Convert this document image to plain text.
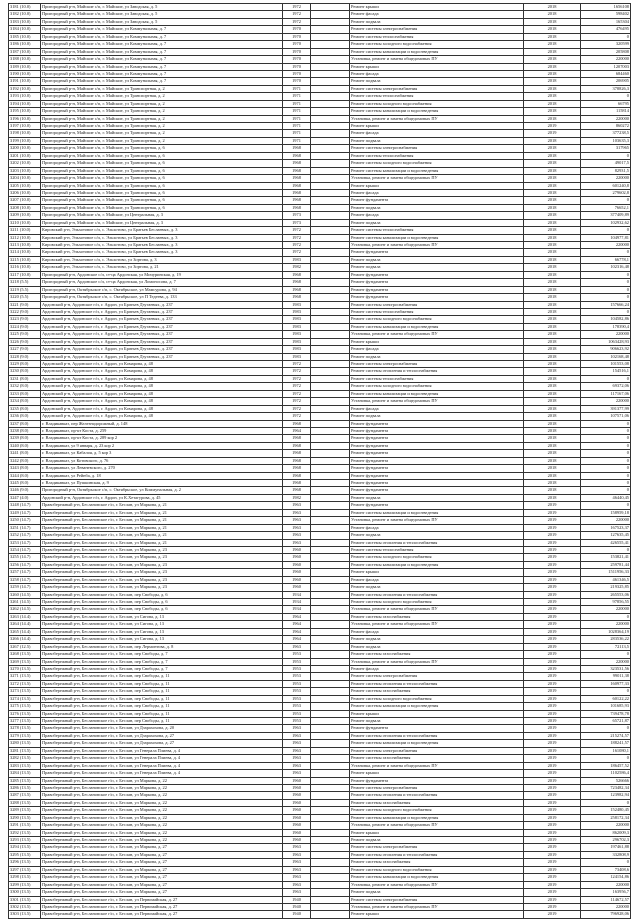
3181 (10.0)	Пригородный р-н, Майские с/п, г. Майские, ул Заводская, д. 5	1972		Ремонт крыши	2018	1656108
3182 (10.0)	Пригородный р-н, Майские с/п, г. Майские, ул Заводская, д. 5	1972		Ремонт фасада	2018	598402
3183 (10.0)	Пригородный р-н, Майские с/п, г. Майские, ул Заводская, д. 5	1972		Ремонт подвала	2018	165304
3184 (10.0)	Пригородный р-н, Майские с/п, г. Майские, ул Коммунальная, д. 7	1970		Ремонт системы электроснабжения	2018	476495
3185 (10.0)	Пригородный р-н, Майские с/п, г. Майские, ул Коммунальная, д. 7	1970		Ремонт системы теплоснабжения	2018	0
3186 (10.0)	Пригородный р-н, Майские с/п, г. Майские, ул Коммунальная, д. 7	1970		Ремонт системы холодного водоснабжения	2018	320599
3187 (10.0)	Пригородный р-н, Майские с/п, г. Майские, ул Коммунальная, д. 7	1970		Ремонт системы канализации и водоотведения	2018	205808
3188 (10.0)	Пригородный р-н, Майские с/п, г. Майские, ул Коммунальная, д. 7	1970		Установка, ремонт и замена общедомовых ПУ	2018	220000
3189 (10.0)	Пригородный р-н, Майские с/п, г. Майские, ул Коммунальная, д. 7	1970		Ремонт крыши	2018	1207003
3190 (10.0)	Пригородный р-н, Майские с/п, г. Майские, ул Коммунальная, д. 7	1970		Ремонт фасада	2018	684460
3191 (10.0)	Пригородный р-н, Майские с/п, г. Майские, ул Коммунальная, д. 7	1970		Ремонт подвала	2018	206905
3192 (10.0)	Пригородный р-н, Майские с/п, г. Майские, ул Транспортная, д. 2	1971		Ремонт системы электроснабжения	2018	378826,3
3193 (10.0)	Пригородный р-н, Майские с/п, г. Майские, ул Транспортная, д. 2	1971		Ремонт системы теплоснабжения	2018	0
3194 (10.0)	Пригородный р-н, Майские с/п, г. Майские, ул Транспортная, д. 2	1971		Ремонт системы холодного водоснабжения	2018	66795
3195 (10.0)	Пригородный р-н, Майские с/п, г. Майские, ул Транспортная, д. 2	1971		Ремонт системы канализации и водоотведения	2018	115814
3196 (10.0)	Пригородный р-н, Майские с/п, г. Майские, ул Транспортная, д. 2	1971		Установка, ремонт и замена общедомовых ПУ	2018	220000
3197 (10.0)	Пригородный р-н, Майские с/п, г. Майские, ул Транспортная, д. 2	1971		Ремонт крыши	2019	860272
3198 (10.0)	Пригородный р-н, Майские с/п, г. Майские, ул Транспортная, д. 2	1971		Ремонт фасада	2019	377238,5
3199 (10.0)	Пригородный р-н, Майские с/п, г. Майские, ул Транспортная, д. 2	1971		Ремонт подвала	2018	103635,3
3200 (10.0)	Пригородный р-н, Майские с/п, г. Майские, ул Транспортная, д. 6	1968		Ремонт системы электроснабжения	2018	317965
3201 (10.0)	Пригородный р-н, Майские с/п, г. Майские, ул Транспортная, д. 6	1968		Ремонт системы теплоснабжения	2018	0
3202 (10.0)	Пригородный р-н, Майские с/п, г. Майские, ул Транспортная, д. 6	1968		Ремонт системы холодного водоснабжения	2018	49017,5
3203 (10.0)	Пригородный р-н, Майские с/п, г. Майские, ул Транспортная, д. 6	1968		Ремонт системы канализации и водоотведения	2018	82931,5
3204 (10.0)	Пригородный р-н, Майские с/п, г. Майские, ул Транспортная, д. 6	1968		Установка, ремонт и замена общедомовых ПУ	2018	220000
3205 (10.0)	Пригородный р-н, Майские с/п, г. Майские, ул Транспортная, д. 6	1968		Ремонт крыши	2018	601240,8
3206 (10.0)	Пригородный р-н, Майские с/п, г. Майские, ул Транспортная, д. 6	1968		Ремонт фасада	2018	279602,8
3207 (10.0)	Пригородный р-н, Майские с/п, г. Майские, ул Транспортная, д. 6	1968		Ремонт фундамента	2018	0
3208 (10.0)	Пригородный р-н, Майские с/п, г. Майские, ул Транспортная, д. 6	1968		Ремонт подвала	2018	76652,1
3209 (10.0)	Пригородный р-н, Майские с/п, г. Майские, ул Центральная, д. 3	1973		Ремонт фасада	2018	377409,89
3210 (10.0)	Пригородный р-н, Майские с/п, г. Майские, ул Центральная, д. 3	1973		Ремонт подвала	2018	102932,62
3211 (10.0)	Кировский р-н, Эльхотовое с/п, с. Эльхотово, ул Братьев Беслаевых, д. 3	1972		Ремонт системы теплоснабжения	2018	0
3212 (10.0)	Кировский р-н, Эльхотовое с/п, с. Эльхотово, ул Братьев Беслаевых, д. 3	1972		Ремонт системы канализации и водоотведения	2018	104977,81
3213 (10.0)	Кировский р-н, Эльхотовое с/п, с. Эльхотово, ул Братьев Беслаевых, д. 3	1972		Установка, ремонт и замена общедомовых ПУ	2018	220000
3214 (10.0)	Кировский р-н, Эльхотовое с/п, с. Эльхотово, ул Братьев Беслаевых, д. 3	1972		Ремонт фундамента	2018	0
3215 (10.0)	Кировский р-н, Эльхотовое с/п, с. Эльхотово, ул Зортова, д. 3	1983		Ремонт подвала	2018	66778,1
3216 (10.0)	Кировский р-н, Эльхотовое с/п, с. Эльхотово, ул Зортова, д. 21	1982		Ремонт подвала	2018	102316,48
3217 (10.0)	Пригородный р-н, Ардонское с/п, ст-ца Ардонская, ул Мичуринская, д. 19	1968		Ремонт фундамента	2018	0
3218 (5.5)	Пригородный р-н, Ардонское с/п, ст-ца Ардонская, ул Ломоносова, д. 7	1968		Ремонт фундамента	2018	0
3219 (5.5)	Пригородный р-н, Октябрьское с/п, с. Октябрьское, ул Мамсурова, д. 94	1968		Ремонт фундамента	2018	0
3220 (5.5)	Пригородный р-н, Октябрьское с/п, с. Октябрьское, ул П Тедеева, д. 133	1968		Ремонт фундамента	2018	0
3221 (9.0)	Ардонский р-н, Ардонское г/п, г. Ардон, ул Братьев Дзугаевых, д. 237	1983		Ремонт системы электроснабжения	2018	157666,24
3222 (9.0)	Ардонский р-н, Ардонское г/п, г. Ардон, ул Братьев Дзугаевых, д. 237	1983		Ремонт системы теплоснабжения	2018	0
3223 (9.0)	Ардонский р-н, Ардонское г/п, г. Ардон, ул Братьев Дзугаевых, д. 237	1983		Ремонт системы холодного водоснабжения	2018	104582,86
3224 (9.0)	Ардонский р-н, Ардонское г/п, г. Ардон, ул Братьев Дзугаевых, д. 237	1983		Ремонт системы канализации и водоотведения	2018	178390,4
3225 (9.0)	Ардонский р-н, Ардонское г/п, г. Ардон, ул Братьев Дзугаевых, д. 237	1983		Установка, ремонт и замена общедомовых ПУ	2018	220000
3226 (9.0)	Ардонский р-н, Ардонское г/п, г. Ардон, ул Братьев Дзугаевых, д. 237	1983		Ремонт крыши	2018	1063428,93
3227 (9.0)	Ардонский р-н, Ардонское г/п, г. Ардон, ул Братьев Дзугаевых, д. 237	1983		Ремонт фасада	2018	906623,92
3228 (9.0)	Ардонский р-н, Ардонское г/п, г. Ардон, ул Братьев Дзугаевых, д. 237	1983		Ремонт подвала	2018	102168,48
3229 (8.0)	Ардонский р-н, Ардонское г/п, г. Ардон, ул Комарова, д. 48	1972		Ремонт системы электроснабжения	2018	101553,08
3230 (8.0)	Ардонский р-н, Ардонское г/п, г. Ардон, ул Комарова, д. 48	1972		Ремонт системы отопления и теплоснабжения	2018	154516,1
3231 (8.0)	Ардонский р-н, Ардонское г/п, г. Ардон, ул Комарова, д. 48	1972		Ремонт системы теплоснабжения	2018	0
3232 (8.0)	Ардонский р-н, Ардонское г/п, г. Ардон, ул Комарова, д. 48	1972		Ремонт системы холодного водоснабжения	2018	69372,06
3233 (8.0)	Ардонский р-н, Ардонское г/п, г. Ардон, ул Комарова, д. 48	1972		Ремонт системы канализации и водоотведения	2018	117167,06
3234 (8.0)	Ардонский р-н, Ардонское г/п, г. Ардон, ул Комарова, д. 48	1972		Установка, ремонт и замена общедомовых ПУ	2018	220000
3235 (8.0)	Ардонский р-н, Ардонское г/п, г. Ардон, ул Комарова, д. 48	1972		Ремонт фасада	2018	391377,99
3236 (8.0)	Ардонский р-н, Ардонское г/п, г. Ардон, ул Комарова, д. 48	1972		Ремонт подвала	2018	107571,06
3237 (8.0)	г. Владикавказ, пер Железнодорожный, д. 148	1968		Ремонт фундамента	2018	0
3238 (8.0)	г. Владикавказ, пр-кт Коста, д. 259	1964		Ремонт фундамента	2018	0
3239 (8.0)	г. Владикавказ, пр-кт Коста, д. 289 кор 2	1968		Ремонт фундамента	2018	0
3240 (8.0)	г. Владикавказ, ул 9 января, д. 23 кор 2	1968		Ремонт фундамента	2018	0
3241 (8.0)	г. Владикавказ, ул Кабалоя, д. 5 кор 3	1968		Ремонт фундамента	2018	0
3242 (8.0)	г. Владикавказ, ул Котовского, д. 76	1968		Ремонт фундамента	2018	0
3243 (8.0)	г. Владикавказ, ул Леваневского, д. 270	1968		Ремонт фундамента	2018	0
3244 (8.0)	г. Владикавказ, ул Рейнба, д. 18	1968		Ремонт фундамента	2018	0
3245 (8.0)	г. Владикавказ, ул Пушкинская, д. 9	1968		Ремонт фундамента	2018	0
3246 (9.0)	Пригородный р-н, Октябрьское с/п, с. Октябрьское, ул Коммунальная, д. 2	1968		Ремонт фундамента	2018	0
3247 (4.0)	Ардонский р-н, Ардонское г/п, г. Ардон, ул К.Хетагурова, д. 45	1982		Ремонт подвала	2018	46440,45
3248 (14.7)	Правобережный р-н, Беслановское г/п, г. Беслан, ул Маркова, д. 21	1963		Ремонт фундамента	2019	0
3249 (14.7)	Правобережный р-н, Беслановское г/п, г. Беслан, ул Маркова, д. 21	1963		Ремонт системы канализации и водоотведения	2019	158959,18
3250 (14.7)	Правобережный р-н, Беслановское г/п, г. Беслан, ул Маркова, д. 21	1963		Установка, ремонт и замена общедомовых ПУ	2019	220000
3251 (14.7)	Правобережный р-н, Беслановское г/п, г. Беслан, ул Маркова, д. 21	1963		Ремонт фасада	2019	167523,37
3252 (14.7)	Правобережный р-н, Беслановское г/п, г. Беслан, ул Маркова, д. 21	1963		Ремонт подвала	2019	127635,45
3253 (14.7)	Правобережный р-н, Беслановское г/п, г. Беслан, ул Маркова, д. 21	1963		Ремонт системы отопления и теплоснабжения	2019	426555,41
3254 (14.7)	Правобережный р-н, Беслановское г/п, г. Беслан, ул Маркова, д. 23	1960		Ремонт системы теплоснабжения	2019	0
3255 (14.7)	Правобережный р-н, Беслановское г/п, г. Беслан, ул Маркова, д. 23	1960		Ремонт системы холодного водоснабжения	2019	153821,41
3256 (14.7)	Правобережный р-н, Беслановское г/п, г. Беслан, ул Маркова, д. 23	1960		Ремонт системы канализации и водоотведения	2019	259781,44
3257 (14.7)	Правобережный р-н, Беслановское г/п, г. Беслан, ул Маркова, д. 23	1960		Ремонт крыши	2019	1511956,33
3258 (14.7)	Правобережный р-н, Беслановское г/п, г. Беслан, ул Маркова, д. 23	1960		Ремонт фасада	2019	461346,5
3259 (14.7)	Правобережный р-н, Беслановское г/п, г. Беслан, ул Маркова, д. 23	1960		Ремонт подвала	2019	219325,85
3260 (14.5)	Правобережный р-н, Беслановское г/п, г. Беслан, пер Свободы, д. 6	1934		Ремонт системы отопления и теплоснабжения	2019	265553,06
3261 (14.5)	Правобережный р-н, Беслановское г/п, г. Беслан, пер Свободы, д. 6	1934		Ремонт системы холодного водоснабжения	2019	97856,55
3262 (14.5)	Правобережный р-н, Беслановское г/п, г. Беслан, пер Свободы, д. 6	1934		Установка, ремонт и замена общедомовых ПУ	2019	220000
3263 (14.4)	Правобережный р-н, Беслановское г/п, г. Беслан, ул Сигова, д. 13	1964		Ремонт системы газоснабжения	2019	0
3264 (14.4)	Правобережный р-н, Беслановское г/п, г. Беслан, ул Сигова, д. 13	1964		Установка, ремонт и замена общедомовых ПУ	2019	220000
3265 (14.4)	Правобережный р-н, Беслановское г/п, г. Беслан, ул Сигова, д. 13	1964		Ремонт фасада	2019	1028364,19
3266 (14.4)	Правобережный р-н, Беслановское г/п, г. Беслан, ул Сигова, д. 13	1964		Ремонт подвала	2019	283536,22
3267 (12.5)	Правобережный р-н, Беслановское г/п, г. Беслан, пер Лермонтова, д. 8	1963		Ремонт подвала	2019	72113,5
3268 (13.5)	Правобережный р-н, Беслановское г/п, г. Беслан, пер Свободы, д. 7	1953		Ремонт системы газоснабжения	2019	0
3269 (13.5)	Правобережный р-н, Беслановское г/п, г. Беслан, пер Свободы, д. 7	1953		Установка, ремонт и замена общедомовых ПУ	2019	220000
3270 (13.5)	Правобережный р-н, Беслановское г/п, г. Беслан, пер Свободы, д. 7	1953		Ремонт фасада	2019	323531,56
3271 (13.5)	Правобережный р-н, Беслановское г/п, г. Беслан, пер Свободы, д. 11	1953		Ремонт системы электроснабжения	2019	99011,38
3272 (13.5)	Правобережный р-н, Беслановское г/п, г. Беслан, пер Свободы, д. 11	1953		Ремонт системы отопления и теплоснабжения	2019	160977,33
3273 (13.5)	Правобережный р-н, Беслановское г/п, г. Беслан, пер Свободы, д. 11	1953		Ремонт системы газоснабжения	2019	0
3274 (13.5)	Правобережный р-н, Беслановское г/п, г. Беслан, пер Свободы, д. 11	1953		Ремонт системы холодного водоснабжения	2019	60122,22
3275 (13.5)	Правобережный р-н, Беслановское г/п, г. Беслан, пер Свободы, д. 11	1953		Ремонт системы канализации и водоотведения	2019	101685,93
3276 (13.5)	Правобережный р-н, Беслановское г/п, г. Беслан, пер Свободы, д. 11	1953		Ремонт крыши	2019	739478,78
3277 (13.5)	Правобережный р-н, Беслановское г/п, г. Беслан, пер Свободы, д. 11	1953		Ремонт подвала	2019	65721,87
3278 (13.5)	Правобережный р-н, Беслановское г/п, г. Беслан, ул Дзарахохова, д. 20	1963		Ремонт фундамента	2019	0
3279 (13.5)	Правобережный р-н, Беслановское г/п, г. Беслан, ул Дзарахохова, д. 27	1963		Ремонт системы отопления и теплоснабжения	2019	215274,57
3280 (13.5)	Правобережный р-н, Беслановское г/п, г. Беслан, ул Дзарахохова, д. 27	1963		Ремонт системы канализации и водоотведения	2019	188241,57
3281 (13.5)	Правобережный р-н, Беслановское г/п, г. Беслан, ул Генерала Плиева, д. 4	1963		Ремонт системы электроснабжения	2019	161080,1
3282 (13.5)	Правобережный р-н, Беслановское г/п, г. Беслан, ул Генерала Плиева, д. 4	1963		Ремонт системы газоснабжения	2019	0
3283 (13.5)	Правобережный р-н, Беслановское г/п, г. Беслан, ул Генерала Плиева, д. 4	1963		Установка, ремонт и замена общедомовых ПУ	2019	186457,52
3284 (13.5)	Правобережный р-н, Беслановское г/п, г. Беслан, ул Генерала Плиева, д. 4	1963		Ремонт крыши	2019	1102586,4
3285 (13.5)	Правобережный р-н, Беслановское г/п, г. Беслан, ул Маркова, д. 22	1960		Ремонт фундамента	2019	526666
3286 (13.5)	Правобережный р-н, Беслановское г/п, г. Беслан, ул Маркова, д. 22	1960		Ремонт системы электроснабжения	2019	723482,34
3287 (13.5)	Правобережный р-н, Беслановское г/п, г. Беслан, ул Маркова, д. 22	1960		Ремонт системы отопления и теплоснабжения	2019	123982,94
3288 (13.5)	Правобережный р-н, Беслановское г/п, г. Беслан, ул Маркова, д. 22	1960		Ремонт системы газоснабжения	2019	0
3289 (13.5)	Правобережный р-н, Беслановское г/п, г. Беслан, ул Маркова, д. 22	1960		Ремонт системы холодного водоснабжения	2019	152480,45
3290 (13.5)	Правобережный р-н, Беслановское г/п, г. Беслан, ул Маркова, д. 22	1960		Ремонт системы канализации и водоотведения	2019	258172,34
3291 (13.5)	Правобережный р-н, Беслановское г/п, г. Беслан, ул Маркова, д. 22	1960		Установка, ремонт и замена общедомовых ПУ	2019	220000
3292 (13.5)	Правобережный р-н, Беслановское г/п, г. Беслан, ул Маркова, д. 22	1960		Ремонт крыши	2019	862009,3
3293 (13.5)	Правобережный р-н, Беслановское г/п, г. Беслан, ул Маркова, д. 22	1960		Ремонт подвала	2019	296702,3
3294 (13.5)	Правобережный р-н, Беслановское г/п, г. Беслан, ул Маркова, д. 27	1963		Ремонт системы электроснабжения	2019	197461,88
3295 (13.5)	Правобережный р-н, Беслановское г/п, г. Беслан, ул Маркова, д. 27	1963		Ремонт системы отопления и теплоснабжения	2019	332808,9
3296 (13.5)	Правобережный р-н, Беслановское г/п, г. Беслан, ул Маркова, д. 27	1963		Ремонт системы газоснабжения	2019	0
3297 (13.5)	Правобережный р-н, Беслановское г/п, г. Беслан, ул Маркова, д. 27	1963		Ремонт системы холодного водоснабжения	2019	73408,6
3298 (13.5)	Правобережный р-н, Беслановское г/п, г. Беслан, ул Маркова, д. 27	1963		Ремонт системы канализации и водоотведения	2019	124154,86
3299 (13.5)	Правобережный р-н, Беслановское г/п, г. Беслан, ул Маркова, д. 27	1963		Установка, ремонт и замена общедомовых ПУ	2019	220000
3300 (13.5)	Правобережный р-н, Беслановское г/п, г. Беслан, ул Маркова, д. 27	1963		Ремонт подвала	2019	163956,7
3301 (13.5)	Правобережный р-н, Беслановское г/п, г. Беслан, ул Первомайская, д. 27	1940		Ремонт системы электроснабжения	2019	114672,57
3302 (13.5)	Правобережный р-н, Беслановское г/п, г. Беслан, ул Первомайская, д. 27	1940		Установка, ремонт и замена общедомовых ПУ	2019	220000
3303 (13.5)	Правобережный р-н, Беслановское г/п, г. Беслан, ул Первомайская, д. 27	1940		Ремонт крыши	2019	796928,06
